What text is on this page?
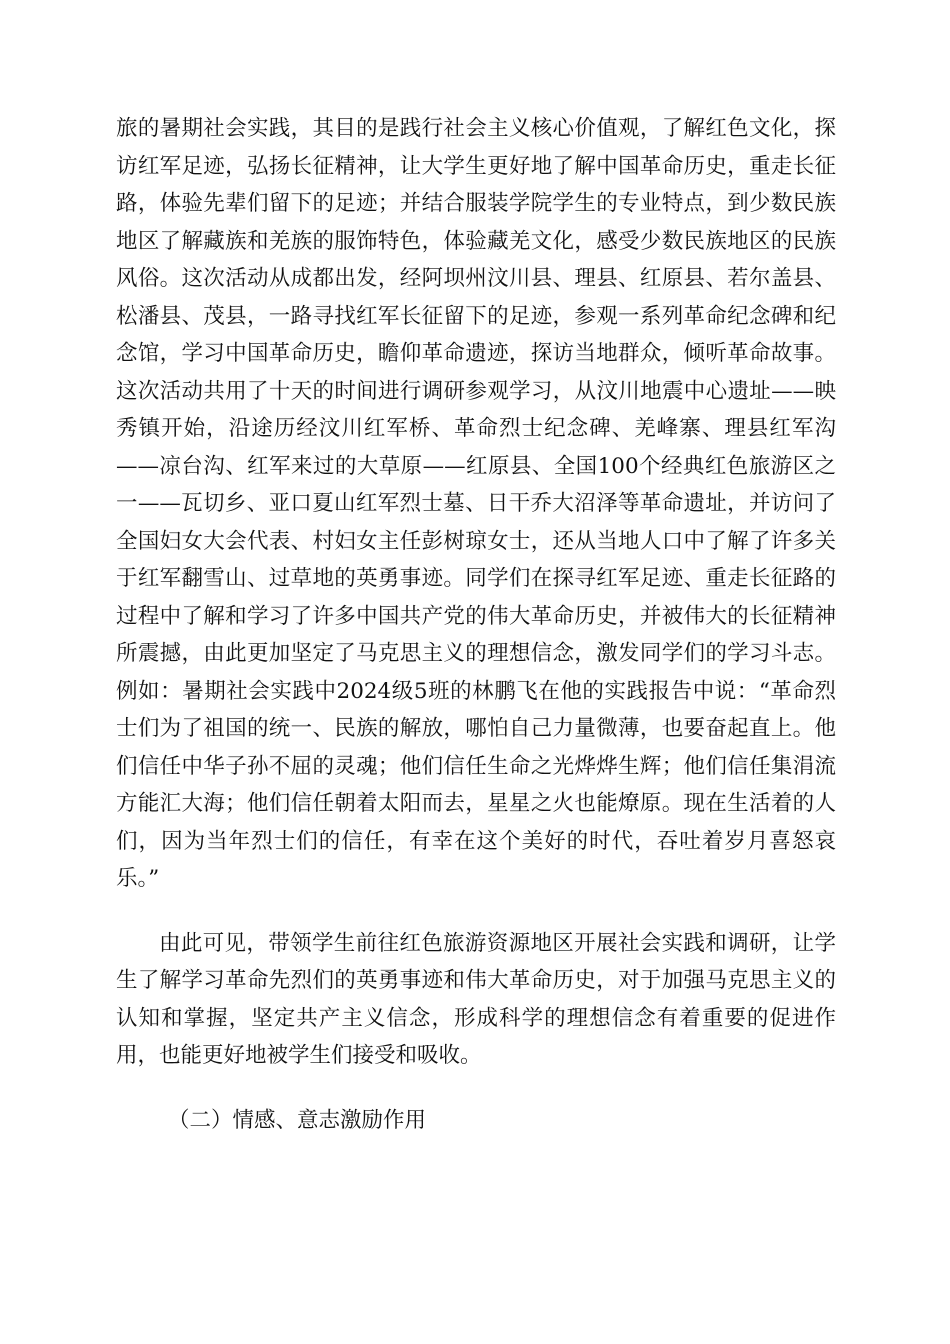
旅的暑期社会实践，其目的是践行社会主义核心价值观，了解红色文化，探访红军足迹，弘扬长征精神，让大学生更好地了解中国革命历史，重走长征路，体验先辈们留下的足迹；并结合服装学院学生的专业特点，到少数民族地区了解藏族和羌族的服饰特色，体验藏羌文化，感受少数民族地区的民族风俗。这次活动从成都出发，经阿坝州汶川县、理县、红原县、若尔盖县、松潘县、茂县，一路寻找红军长征留下的足迹，参观一系列革命纪念碑和纪念馆，学习中国革命历史，瞻仰革命遗迹，探访当地群众，倾听革命故事。这次活动共用了十天的时间进行调研参观学习，从汶川地震中心遗址——映秀镇开始，沿途历经汶川红军桥、革命烈士纪念碑、羌峰寨、理县红军沟——凉台沟、红军来过的大草原——红原县、全国100个经典红色旅游区之一——瓦切乡、亚口夏山红军烈士墓、日干乔大沼泽等革命遗址，并访问了全国妇女大会代表、村妇女主任彭树琼女士，还从当地人口中了解了许多关于红军翻雪山、过草地的英勇事迹。同学们在探寻红军足迹、重走长征路的过程中了解和学习了许多中国共产党的伟大革命历史，并被伟大的长征精神所震撼，由此更加坚定了马克思主义的理想信念，激发同学们的学习斗志。例如：暑期社会实践中2024级5班的林鹏飞在他的实践报告中说：“革命烈士们为了祖国的统一、民族的解放，哪怕自己力量微薄，也要奋起直上。他们信任中华子孙不屈的灵魂；他们信任生命之光烨烨生辉；他们信任集涓流方能汇大海；他们信任朝着太阳而去，星星之火也能燎原。现在生活着的人们，因为当年烈士们的信任，有幸在这个美好的时代，吞吐着岁月喜怒哀乐。”

由此可见，带领学生前往红色旅游资源地区开展社会实践和调研，让学生了解学习革命先烈们的英勇事迹和伟大革命历史，对于加强马克思主义的认知和掌握，坚定共产主义信念，形成科学的理想信念有着重要的促进作用，也能更好地被学生们接受和吸收。

（二）情感、意志激励作用
